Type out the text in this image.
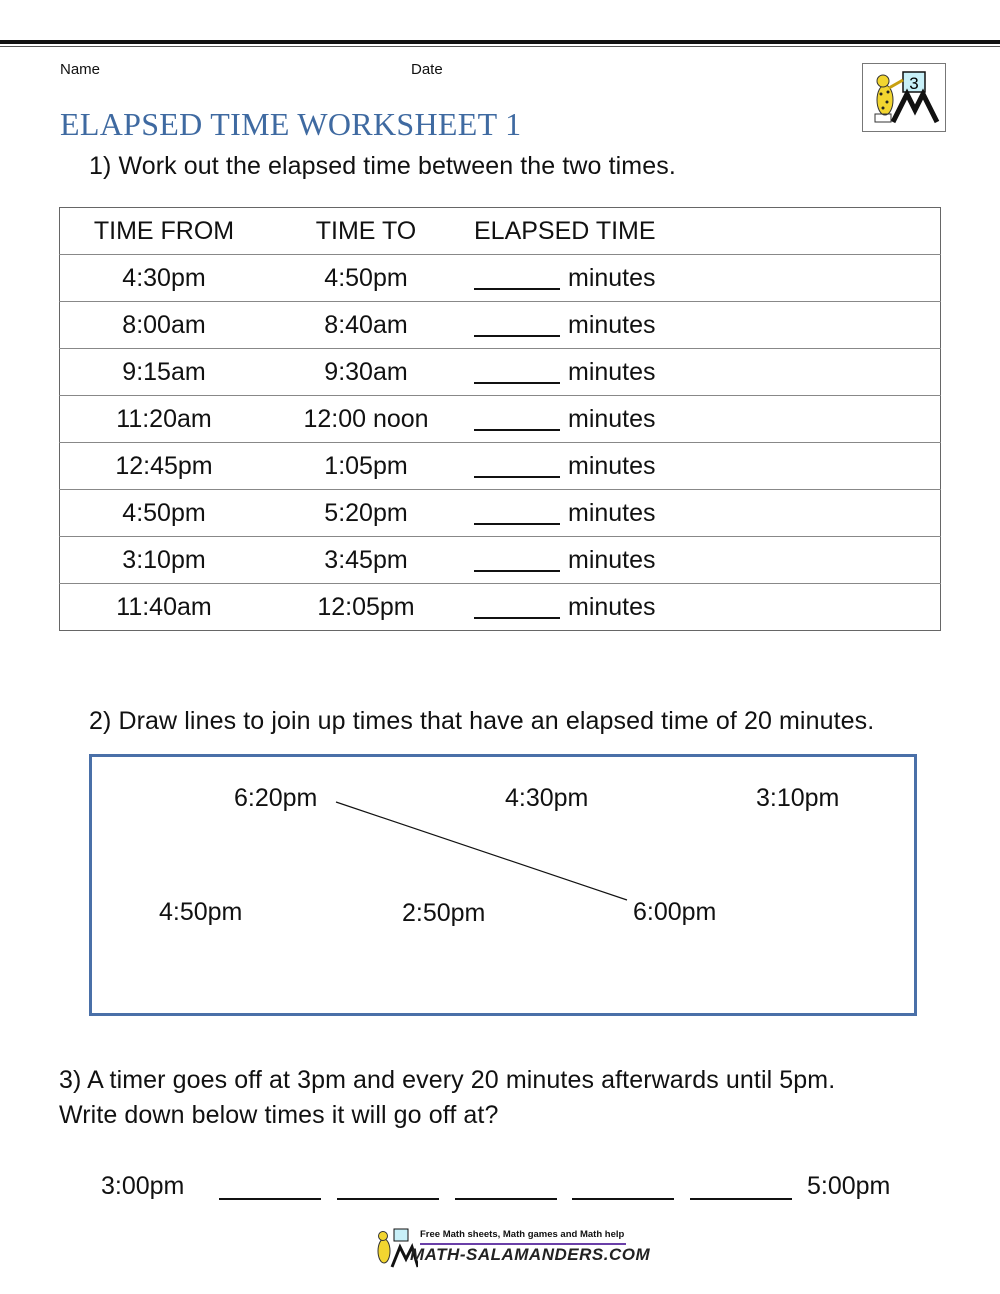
Name	Date
3
ELAPSED TIME WORKSHEET 1
1) Work out the elapsed time between the two times.
TIME FROM	TIME TO	ELAPSED TIME
4:30pm	4:50pm	minutes
8:00am	8:40am	minutes
9:15am	9:30am	minutes
11:20am	12:00 noon	minutes
12:45pm	1:05pm	minutes
4:50pm	5:20pm	minutes
3:10pm	3:45pm	minutes
11:40am	12:05pm	minutes
2) Draw lines to join up times that have an elapsed time of 20 minutes.
6:20pm	4:30pm	3:10pm
4:50pm	2:50pm	6:00pm
3) A timer goes off at 3pm and every 20 minutes afterwards until 5pm.
Write down below times it will go off at?
3:00pm	5:00pm
Free Math sheets, Math games and Math help
MATH-SALAMANDERS.COM
